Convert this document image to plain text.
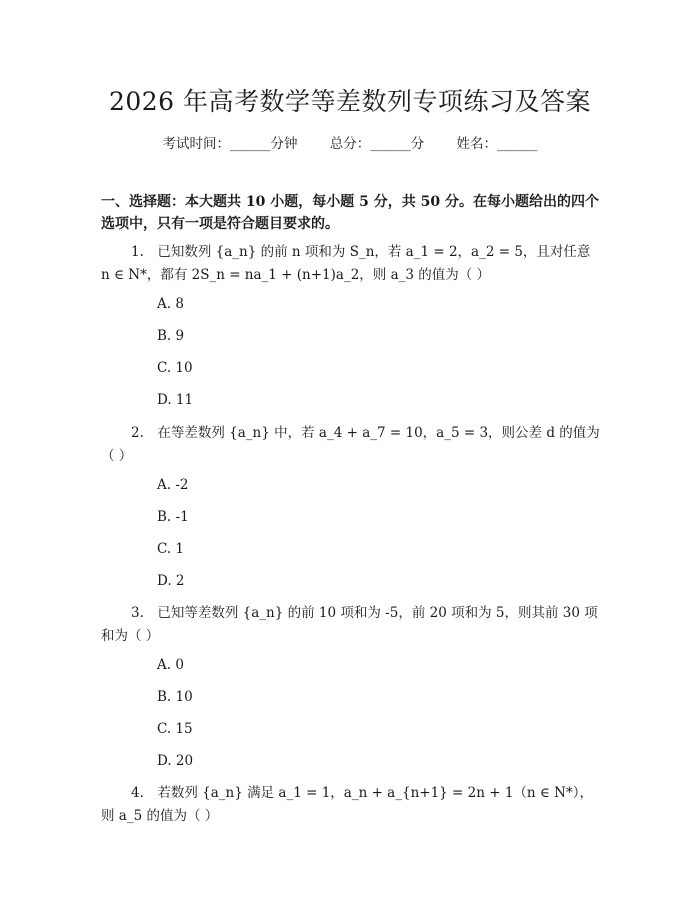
2026 年高考数学等差数列专项练习及答案
考试时间：______分钟 总分：______分 姓名：______
一、选择题：本大题共 10 小题，每小题 5 分，共 50 分。在每小题给出的四个选项中，只有一项是符合题目要求的。
1.　已知数列 {a_n} 的前 n 项和为 S_n，若 a_1 = 2，a_2 = 5，且对任意 n ∈ N*，都有 2S_n = na_1 + (n+1)a_2，则 a_3 的值为（ ）
A. 8
B. 9
C. 10
D. 11
2.　在等差数列 {a_n} 中，若 a_4 + a_7 = 10，a_5 = 3，则公差 d 的值为（ ）
A. -2
B. -1
C. 1
D. 2
3.　已知等差数列 {a_n} 的前 10 项和为 -5，前 20 项和为 5，则其前 30 项和为（ ）
A. 0
B. 10
C. 15
D. 20
4.　若数列 {a_n} 满足 a_1 = 1，a_n + a_{n+1} = 2n + 1（n ∈ N*），则 a_5 的值为（ ）
